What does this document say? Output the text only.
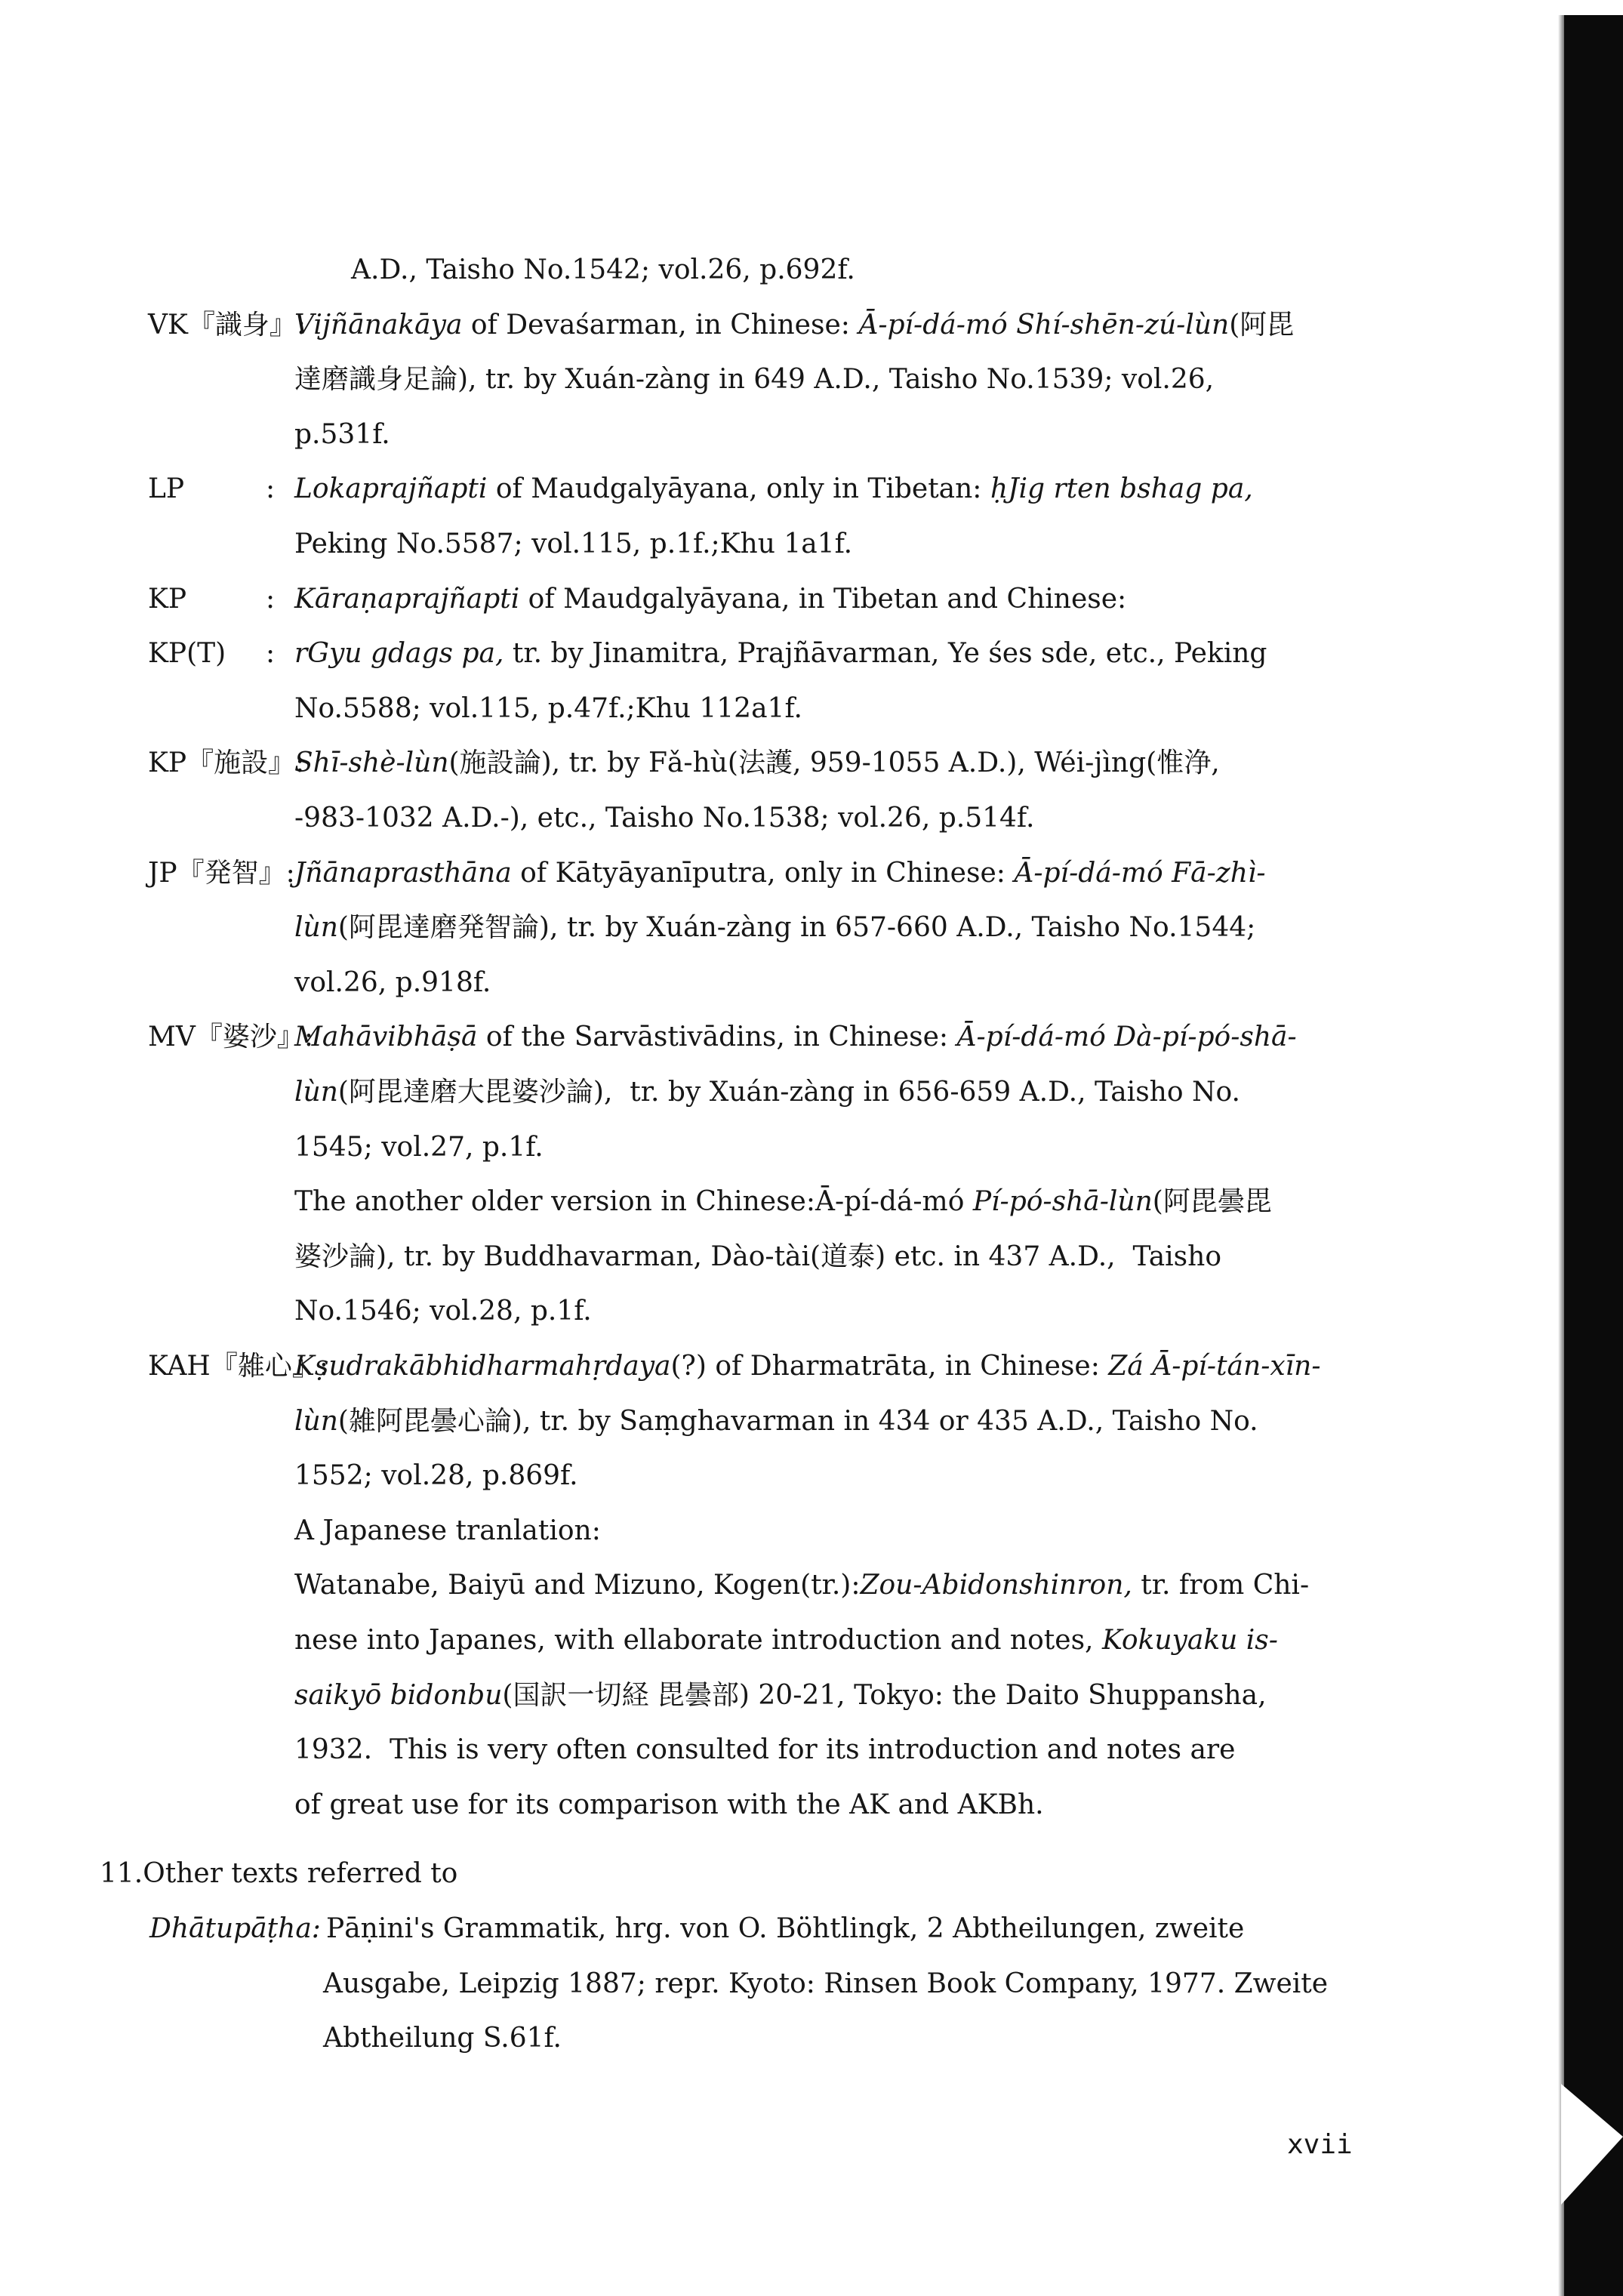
A.D., Taisho No.1542; vol.26, p.692f.
VK『識身』:
Vijñānakāya of Devaśarman, in Chinese: Ā-pí-dá-mó Shí-shēn-zú-lùn(阿毘
達磨識身足論), tr. by Xuán-zàng in 649 A.D., Taisho No.1539; vol.26,
p.531f.
LP	: Lokaprajñapti of Maudgalyāyana, only in Tibetan: ḥJig rten bshag pa,
Peking No.5587; vol.115, p.1f.;Khu 1a1f.
KP	: Kāraṇaprajñapti of Maudgalyāyana, in Tibetan and Chinese:
KP(T) : rGyu gdags pa, tr. by Jinamitra, Prajñāvarman, Ye śes sde, etc., Peking
No.5588; vol.115, p.47f.;Khu 112a1f.
KP『施設』:
Shī-shè-lùn(施設論), tr. by Fǎ-hù(法護, 959-1055 A.D.), Wéi-jìng(惟浄,
-983-1032 A.D.-), etc., Taisho No.1538; vol.26, p.514f.
JP『発智』: Jñānaprasthāna of Kātyāyanīputra, only in Chinese: Ā-pí-dá-mó Fā-zhì-
lùn(阿毘達磨発智論), tr. by Xuán-zàng in 657-660 A.D., Taisho No.1544;
vol.26, p.918f.
MV『婆沙』:
Mahāvibhāṣā of the Sarvāstivādins, in Chinese: Ā-pí-dá-mó Dà-pí-pó-shā-
lùn(阿毘達磨大毘婆沙論),  tr. by Xuán-zàng in 656-659 A.D., Taisho No.
1545; vol.27, p.1f.
The another older version in Chinese:Ā-pí-dá-mó Pí-pó-shā-lùn(阿毘曇毘
婆沙論), tr. by Buddhavarman, Dào-tài(道泰) etc. in 437 A.D.,  Taisho
No.1546; vol.28, p.1f.
KAH『雑心』:
Kṣudrakābhidharmahṛdaya(?) of Dharmatrāta, in Chinese: Zá Ā-pí-tán-xīn-
lùn(雑阿毘曇心論), tr. by Saṃghavarman in 434 or 435 A.D., Taisho No.
1552; vol.28, p.869f.
A Japanese tranlation:
Watanabe, Baiyū and Mizuno, Kogen(tr.):Zou-Abidonshinron, tr. from Chi-
nese into Japanes, with ellaborate introduction and notes, Kokuyaku is-
saikyō bidonbu(国訳一切経 毘曇部) 20-21, Tokyo: the Daito Shuppansha,
1932.  This is very often consulted for its introduction and notes are
of great use for its comparison with the AK and AKBh.
11.Other texts referred to
Dhātupāṭha: Pāṇini's Grammatik, hrg. von O. Böhtlingk, 2 Abtheilungen, zweite
Ausgabe, Leipzig 1887; repr. Kyoto: Rinsen Book Company, 1977. Zweite
Abtheilung S.61f.
xvii
